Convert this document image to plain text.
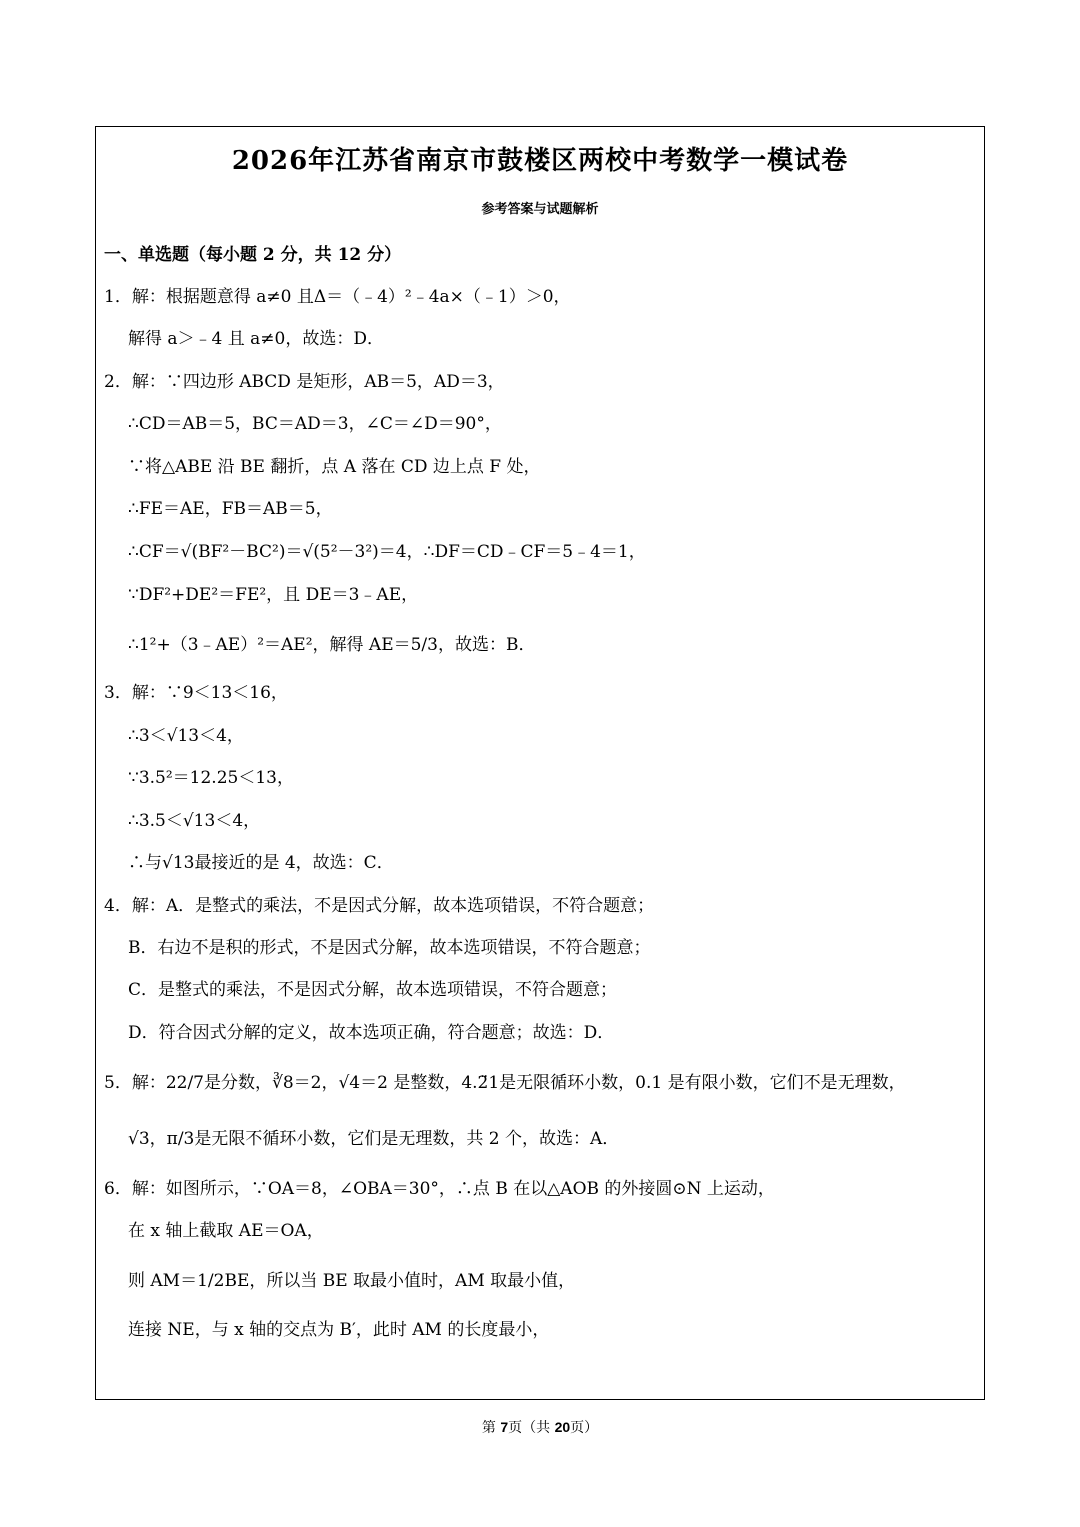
2026年江苏省南京市鼓楼区两校中考数学一模试卷
参考答案与试题解析
一、单选题（每小题 2 分，共 12 分）
1．解：根据题意得 a≠0 且Δ＝（﹣4）²﹣4a×（﹣1）＞0，
解得 a＞﹣4 且 a≠0，故选：D．
2．解：∵四边形 ABCD 是矩形，AB＝5，AD＝3，
∴CD＝AB＝5，BC＝AD＝3，∠C＝∠D＝90°，
∵将△ABE 沿 BE 翻折，点 A 落在 CD 边上点 F 处，
∴FE＝AE，FB＝AB＝5，
∴CF＝√(BF²－BC²)＝√(5²－3²)＝4，∴DF＝CD﹣CF＝5﹣4＝1，
∵DF²+DE²＝FE²，且 DE＝3﹣AE，
∴1²+（3﹣AE）²＝AE²，解得 AE＝5/3，故选：B．
3．解：∵9＜13＜16，
∴3＜√13＜4，
∵3.5²＝12.25＜13，
∴3.5＜√13＜4，
∴与√13最接近的是 4，故选：C．
4．解：A．是整式的乘法，不是因式分解，故本选项错误，不符合题意；
B．右边不是积的形式，不是因式分解，故本选项错误，不符合题意；
C．是整式的乘法，不是因式分解，故本选项错误，不符合题意；
D．符合因式分解的定义，故本选项正确，符合题意；故选：D．
5．解：22/7是分数，∛8＝2，√4＝2 是整数，4.2̈1是无限循环小数，0.1 是有限小数，它们不是无理数，
√3，π/3是无限不循环小数，它们是无理数，共 2 个，故选：A．
6．解：如图所示，∵OA＝8，∠OBA＝30°，∴点 B 在以△AOB 的外接圆⊙N 上运动，
在 x 轴上截取 AE＝OA，
则 AM＝1/2BE，所以当 BE 取最小值时，AM 取最小值，
连接 NE，与 x 轴的交点为 B′，此时 AM 的长度最小，
第 7页（共 20页）
